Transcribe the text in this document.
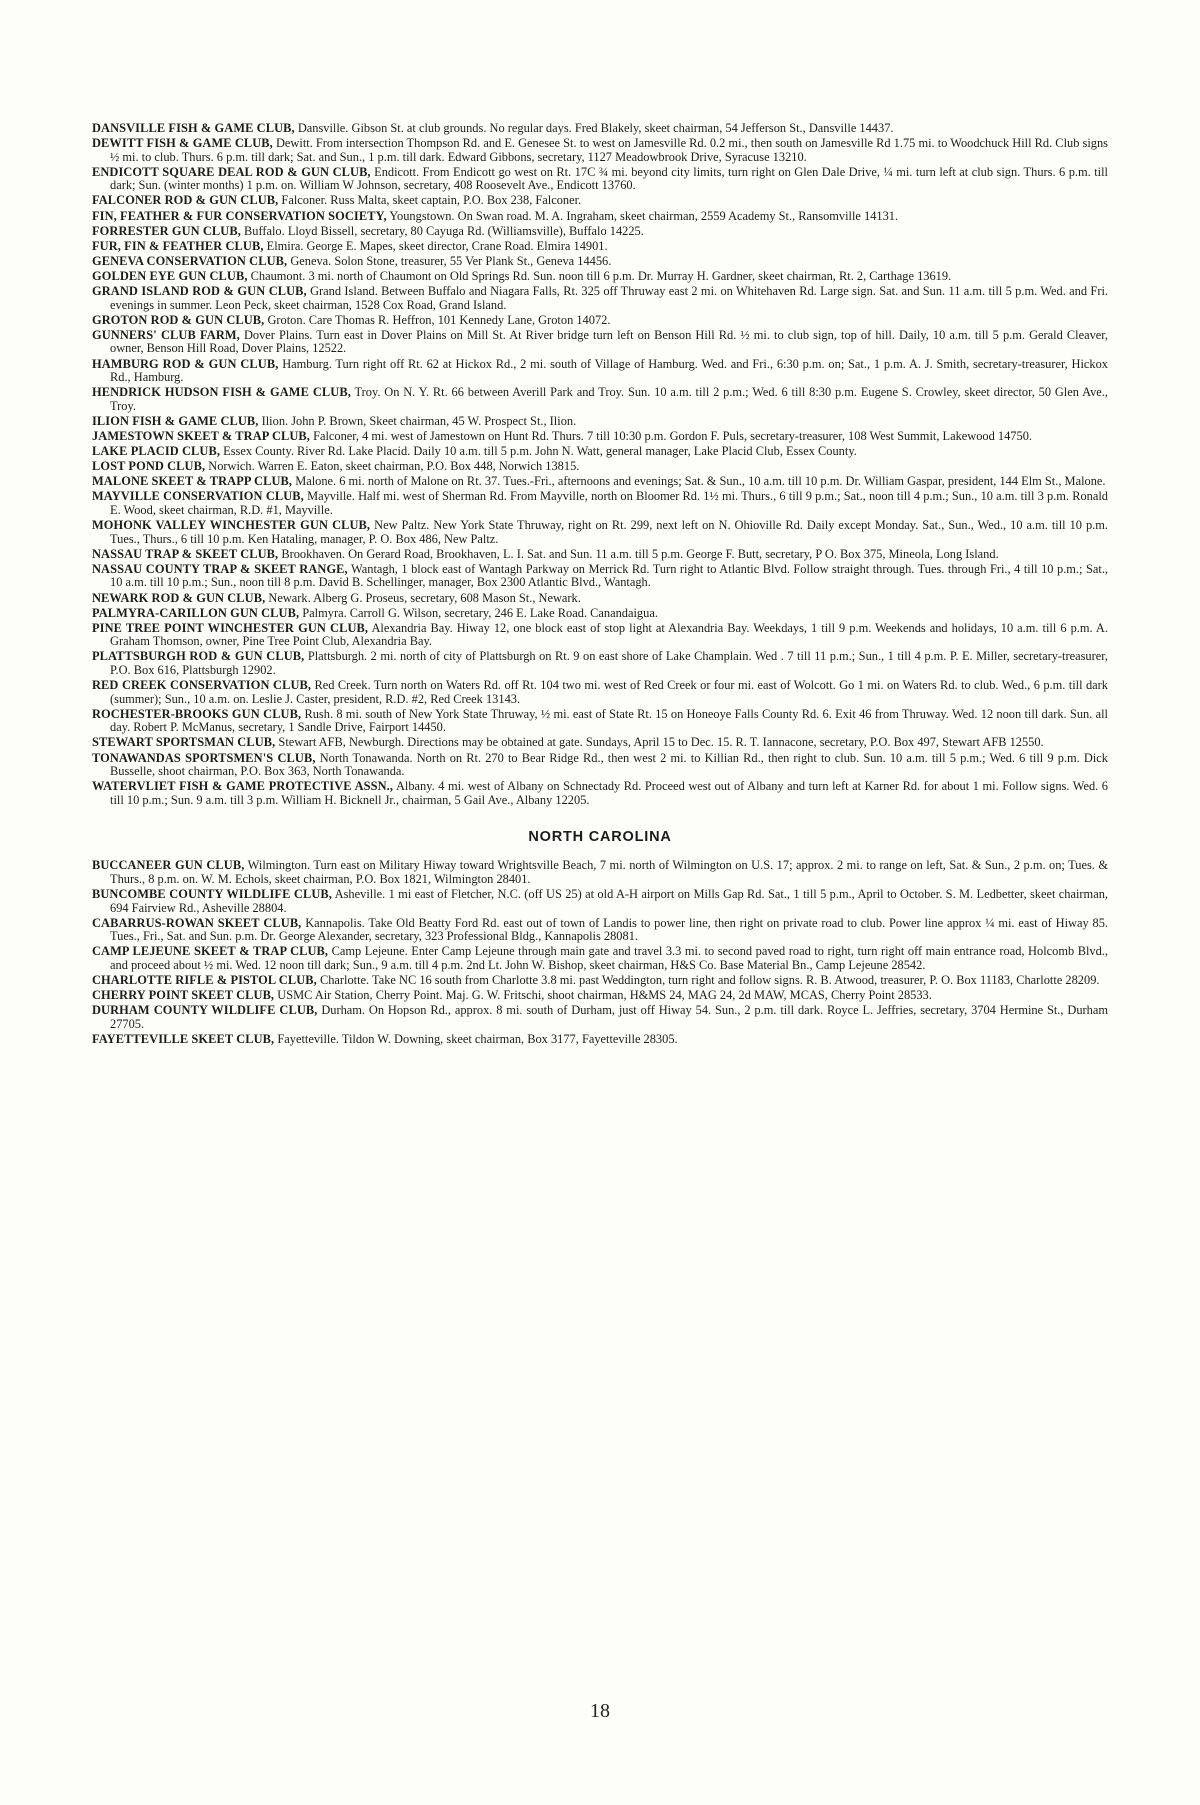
DANSVILLE FISH & GAME CLUB, Dansville. Gibson St. at club grounds. No regular days. Fred Blakely, skeet chairman, 54 Jefferson St., Dansville 14437.

DEWITT FISH & GAME CLUB, Dewitt. From intersection Thompson Rd. and E. Genesee St. to west on Jamesville Rd. 0.2 mi., then south on Jamesville Rd 1.75 mi. to Woodchuck Hill Rd. Club signs ½ mi. to club. Thurs. 6 p.m. till dark; Sat. and Sun., 1 p.m. till dark. Edward Gibbons, secretary, 1127 Meadowbrook Drive, Syracuse 13210.

ENDICOTT SQUARE DEAL ROD & GUN CLUB, Endicott. From Endicott go west on Rt. 17C ¾ mi. beyond city limits, turn right on Glen Dale Drive, ¼ mi. turn left at club sign. Thurs. 6 p.m. till dark; Sun. (winter months) 1 p.m. on. William W Johnson, secretary, 408 Roosevelt Ave., Endicott 13760.

FALCONER ROD & GUN CLUB, Falconer. Russ Malta, skeet captain, P.O. Box 238, Falconer.

FIN, FEATHER & FUR CONSERVATION SOCIETY, Youngstown. On Swan road. M. A. Ingraham, skeet chairman, 2559 Academy St., Ransomville 14131.

FORRESTER GUN CLUB, Buffalo. Lloyd Bissell, secretary, 80 Cayuga Rd. (Williamsville), Buffalo 14225.

FUR, FIN & FEATHER CLUB, Elmira. George E. Mapes, skeet director, Crane Road. Elmira 14901.

GENEVA CONSERVATION CLUB, Geneva. Solon Stone, treasurer, 55 Ver Plank St., Geneva 14456.

GOLDEN EYE GUN CLUB, Chaumont. 3 mi. north of Chaumont on Old Springs Rd. Sun. noon till 6 p.m. Dr. Murray H. Gardner, skeet chairman, Rt. 2, Carthage 13619.

GRAND ISLAND ROD & GUN CLUB, Grand Island. Between Buffalo and Niagara Falls, Rt. 325 off Thruway east 2 mi. on Whitehaven Rd. Large sign. Sat. and Sun. 11 a.m. till 5 p.m. Wed. and Fri. evenings in summer. Leon Peck, skeet chairman, 1528 Cox Road, Grand Island.

GROTON ROD & GUN CLUB, Groton. Care Thomas R. Heffron, 101 Kennedy Lane, Groton 14072.

GUNNERS' CLUB FARM, Dover Plains. Turn east in Dover Plains on Mill St. At River bridge turn left on Benson Hill Rd. ½ mi. to club sign, top of hill. Daily, 10 a.m. till 5 p.m. Gerald Cleaver, owner, Benson Hill Road, Dover Plains, 12522.

HAMBURG ROD & GUN CLUB, Hamburg. Turn right off Rt. 62 at Hickox Rd., 2 mi. south of Village of Hamburg. Wed. and Fri., 6:30 p.m. on; Sat., 1 p.m. A. J. Smith, secretary-treasurer, Hickox Rd., Hamburg.

HENDRICK HUDSON FISH & GAME CLUB, Troy. On N. Y. Rt. 66 between Averill Park and Troy. Sun. 10 a.m. till 2 p.m.; Wed. 6 till 8:30 p.m. Eugene S. Crowley, skeet director, 50 Glen Ave., Troy.

ILION FISH & GAME CLUB, Ilion. John P. Brown, Skeet chairman, 45 W. Prospect St., Ilion.

JAMESTOWN SKEET & TRAP CLUB, Falconer, 4 mi. west of Jamestown on Hunt Rd. Thurs. 7 till 10:30 p.m. Gordon F. Puls, secretary-treasurer, 108 West Summit, Lakewood 14750.

LAKE PLACID CLUB, Essex County. River Rd. Lake Placid. Daily 10 a.m. till 5 p.m. John N. Watt, general manager, Lake Placid Club, Essex County.

LOST POND CLUB, Norwich. Warren E. Eaton, skeet chairman, P.O. Box 448, Norwich 13815.

MALONE SKEET & TRAPP CLUB, Malone. 6 mi. north of Malone on Rt. 37. Tues.-Fri., afternoons and evenings; Sat. & Sun., 10 a.m. till 10 p.m. Dr. William Gaspar, president, 144 Elm St., Malone.

MAYVILLE CONSERVATION CLUB, Mayville. Half mi. west of Sherman Rd. From Mayville, north on Bloomer Rd. 1½ mi. Thurs., 6 till 9 p.m.; Sat., noon till 4 p.m.; Sun., 10 a.m. till 3 p.m. Ronald E. Wood, skeet chairman, R.D. #1, Mayville.

MOHONK VALLEY WINCHESTER GUN CLUB, New Paltz. New York State Thruway, right on Rt. 299, next left on N. Ohioville Rd. Daily except Monday. Sat., Sun., Wed., 10 a.m. till 10 p.m. Tues., Thurs., 6 till 10 p.m. Ken Hataling, manager, P. O. Box 486, New Paltz.

NASSAU TRAP & SKEET CLUB, Brookhaven. On Gerard Road, Brookhaven, L. I. Sat. and Sun. 11 a.m. till 5 p.m. George F. Butt, secretary, P O. Box 375, Mineola, Long Island.

NASSAU COUNTY TRAP & SKEET RANGE, Wantagh, 1 block east of Wantagh Parkway on Merrick Rd. Turn right to Atlantic Blvd. Follow straight through. Tues. through Fri., 4 till 10 p.m.; Sat., 10 a.m. till 10 p.m.; Sun., noon till 8 p.m. David B. Schellinger, manager, Box 2300 Atlantic Blvd., Wantagh.

NEWARK ROD & GUN CLUB, Newark. Alberg G. Proseus, secretary, 608 Mason St., Newark.

PALMYRA-CARILLON GUN CLUB, Palmyra. Carroll G. Wilson, secretary, 246 E. Lake Road. Canandaigua.

PINE TREE POINT WINCHESTER GUN CLUB, Alexandria Bay. Hiway 12, one block east of stop light at Alexandria Bay. Weekdays, 1 till 9 p.m. Weekends and holidays, 10 a.m. till 6 p.m. A. Graham Thomson, owner, Pine Tree Point Club, Alexandria Bay.

PLATTSBURGH ROD & GUN CLUB, Plattsburgh. 2 mi. north of city of Plattsburgh on Rt. 9 on east shore of Lake Champlain. Wed . 7 till 11 p.m.; Sun., 1 till 4 p.m. P. E. Miller, secretary-treasurer, P.O. Box 616, Plattsburgh 12902.

RED CREEK CONSERVATION CLUB, Red Creek. Turn north on Waters Rd. off Rt. 104 two mi. west of Red Creek or four mi. east of Wolcott. Go 1 mi. on Waters Rd. to club. Wed., 6 p.m. till dark (summer); Sun., 10 a.m. on. Leslie J. Caster, president, R.D. #2, Red Creek 13143.

ROCHESTER-BROOKS GUN CLUB, Rush. 8 mi. south of New York State Thruway, ½ mi. east of State Rt. 15 on Honeoye Falls County Rd. 6. Exit 46 from Thruway. Wed. 12 noon till dark. Sun. all day. Robert P. McManus, secretary, 1 Sandle Drive, Fairport 14450.

STEWART SPORTSMAN CLUB, Stewart AFB, Newburgh. Directions may be obtained at gate. Sundays, April 15 to Dec. 15. R. T. Iannacone, secretary, P.O. Box 497, Stewart AFB 12550.

TONAWANDAS SPORTSMEN'S CLUB, North Tonawanda. North on Rt. 270 to Bear Ridge Rd., then west 2 mi. to Killian Rd., then right to club. Sun. 10 a.m. till 5 p.m.; Wed. 6 till 9 p.m. Dick Busselle, shoot chairman, P.O. Box 363, North Tonawanda.

WATERVLIET FISH & GAME PROTECTIVE ASSN., Albany. 4 mi. west of Albany on Schnectady Rd. Proceed west out of Albany and turn left at Karner Rd. for about 1 mi. Follow signs. Wed. 6 till 10 p.m.; Sun. 9 a.m. till 3 p.m. William H. Bicknell Jr., chairman, 5 Gail Ave., Albany 12205.

NORTH CAROLINA

BUCCANEER GUN CLUB, Wilmington. Turn east on Military Hiway toward Wrightsville Beach, 7 mi. north of Wilmington on U.S. 17; approx. 2 mi. to range on left, Sat. & Sun., 2 p.m. on; Tues. & Thurs., 8 p.m. on. W. M. Echols, skeet chairman, P.O. Box 1821, Wilmington 28401.

BUNCOMBE COUNTY WILDLIFE CLUB, Asheville. 1 mi east of Fletcher, N.C. (off US 25) at old A-H airport on Mills Gap Rd. Sat., 1 till 5 p.m., April to October. S. M. Ledbetter, skeet chairman, 694 Fairview Rd., Asheville 28804.

CABARRUS-ROWAN SKEET CLUB, Kannapolis. Take Old Beatty Ford Rd. east out of town of Landis to power line, then right on private road to club. Power line approx ¼ mi. east of Hiway 85. Tues., Fri., Sat. and Sun. p.m. Dr. George Alexander, secretary, 323 Professional Bldg., Kannapolis 28081.

CAMP LEJEUNE SKEET & TRAP CLUB, Camp Lejeune. Enter Camp Lejeune through main gate and travel 3.3 mi. to second paved road to right, turn right off main entrance road, Holcomb Blvd., and proceed about ½ mi. Wed. 12 noon till dark; Sun., 9 a.m. till 4 p.m. 2nd Lt. John W. Bishop, skeet chairman, H&S Co. Base Material Bn., Camp Lejeune 28542.

CHARLOTTE RIFLE & PISTOL CLUB, Charlotte. Take NC 16 south from Charlotte 3.8 mi. past Weddington, turn right and follow signs. R. B. Atwood, treasurer, P. O. Box 11183, Charlotte 28209.

CHERRY POINT SKEET CLUB, USMC Air Station, Cherry Point. Maj. G. W. Fritschi, shoot chairman, H&MS 24, MAG 24, 2d MAW, MCAS, Cherry Point 28533.

DURHAM COUNTY WILDLIFE CLUB, Durham. On Hopson Rd., approx. 8 mi. south of Durham, just off Hiway 54. Sun., 2 p.m. till dark. Royce L. Jeffries, secretary, 3704 Hermine St., Durham 27705.

FAYETTEVILLE SKEET CLUB, Fayetteville. Tildon W. Downing, skeet chairman, Box 3177, Fayetteville 28305.

18
